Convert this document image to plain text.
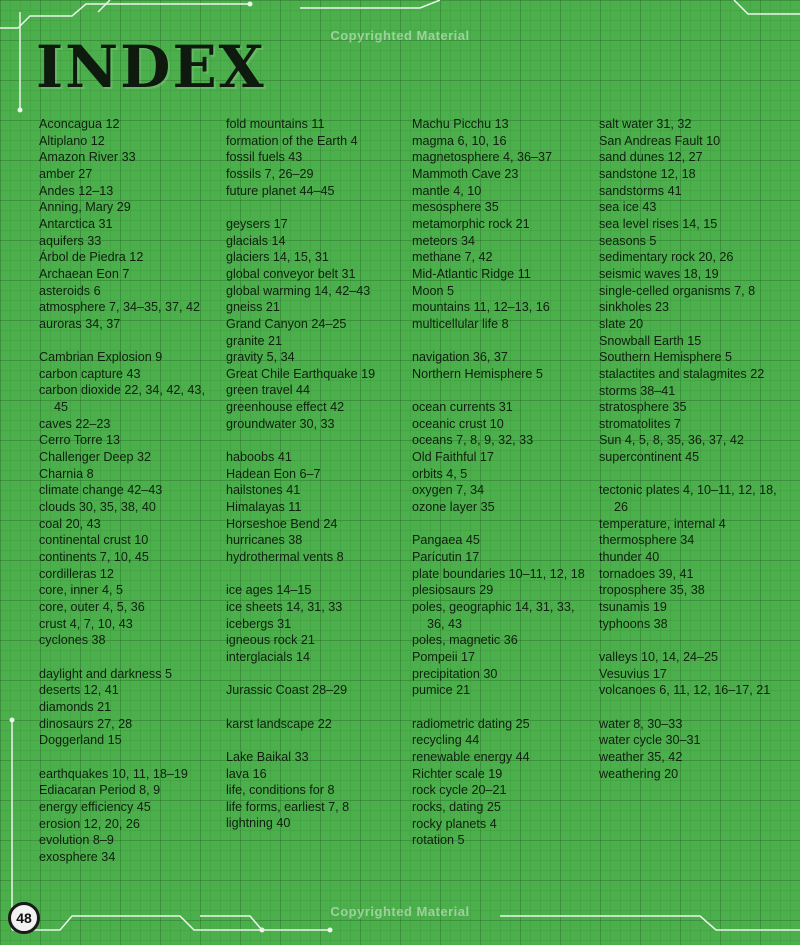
Copyrighted Material
INDEX
Aconcagua 12
Altiplano 12
Amazon River 33
amber 27
Andes 12–13
Anning, Mary 29
Antarctica 31
aquifers 33
Árbol de Piedra 12
Archaean Eon 7
asteroids 6
atmosphere 7, 34–35, 37, 42
auroras 34, 37
Cambrian Explosion 9
carbon capture 43
carbon dioxide 22, 34, 42, 43, 45
caves 22–23
Cerro Torre 13
Challenger Deep 32
Charnia 8
climate change 42–43
clouds 30, 35, 38, 40
coal 20, 43
continental crust 10
continents 7, 10, 45
cordilleras 12
core, inner 4, 5
core, outer 4, 5, 36
crust 4, 7, 10, 43
cyclones 38
daylight and darkness 5
deserts 12, 41
diamonds 21
dinosaurs 27, 28
Doggerland 15
earthquakes 10, 11, 18–19
Ediacaran Period 8, 9
energy efficiency 45
erosion 12, 20, 26
evolution 8–9
exosphere 34
fold mountains 11
formation of the Earth 4
fossil fuels 43
fossils 7, 26–29
future planet 44–45
geysers 17
glacials 14
glaciers 14, 15, 31
global conveyor belt 31
global warming 14, 42–43
gneiss 21
Grand Canyon 24–25
granite 21
gravity 5, 34
Great Chile Earthquake 19
green travel 44
greenhouse effect 42
groundwater 30, 33
haboobs 41
Hadean Eon 6–7
hailstones 41
Himalayas 11
Horseshoe Bend 24
hurricanes 38
hydrothermal vents 8
ice ages 14–15
ice sheets 14, 31, 33
icebergs 31
igneous rock 21
interglacials 14
Jurassic Coast 28–29
karst landscape 22
Lake Baikal 33
lava 16
life, conditions for 8
life forms, earliest 7, 8
lightning 40
Machu Picchu 13
magma 6, 10, 16
magnetosphere 4, 36–37
Mammoth Cave 23
mantle 4, 10
mesosphere 35
metamorphic rock 21
meteors 34
methane 7, 42
Mid-Atlantic Ridge 11
Moon 5
mountains 11, 12–13, 16
multicellular life 8
navigation 36, 37
Northern Hemisphere 5
ocean currents 31
oceanic crust 10
oceans 7, 8, 9, 32, 33
Old Faithful 17
orbits 4, 5
oxygen 7, 34
ozone layer 35
Pangaea 45
Parícutin 17
plate boundaries 10–11, 12, 18
plesiosaurs 29
poles, geographic 14, 31, 33, 36, 43
poles, magnetic 36
Pompeii 17
precipitation 30
pumice 21
radiometric dating 25
recycling 44
renewable energy 44
Richter scale 19
rock cycle 20–21
rocks, dating 25
rocky planets 4
rotation 5
salt water 31, 32
San Andreas Fault 10
sand dunes 12, 27
sandstone 12, 18
sandstorms 41
sea ice 43
sea level rises 14, 15
seasons 5
sedimentary rock 20, 26
seismic waves 18, 19
single-celled organisms 7, 8
sinkholes 23
slate 20
Snowball Earth 15
Southern Hemisphere 5
stalactites and stalagmites 22
storms 38–41
stratosphere 35
stromatolites 7
Sun 4, 5, 8, 35, 36, 37, 42
supercontinent 45
tectonic plates 4, 10–11, 12, 18, 26
temperature, internal 4
thermosphere 34
thunder 40
tornadoes 39, 41
troposphere 35, 38
tsunamis 19
typhoons 38
valleys 10, 14, 24–25
Vesuvius 17
volcanoes 6, 11, 12, 16–17, 21
water 8, 30–33
water cycle 30–31
weather 35, 42
weathering 20
Copyrighted Material
48
